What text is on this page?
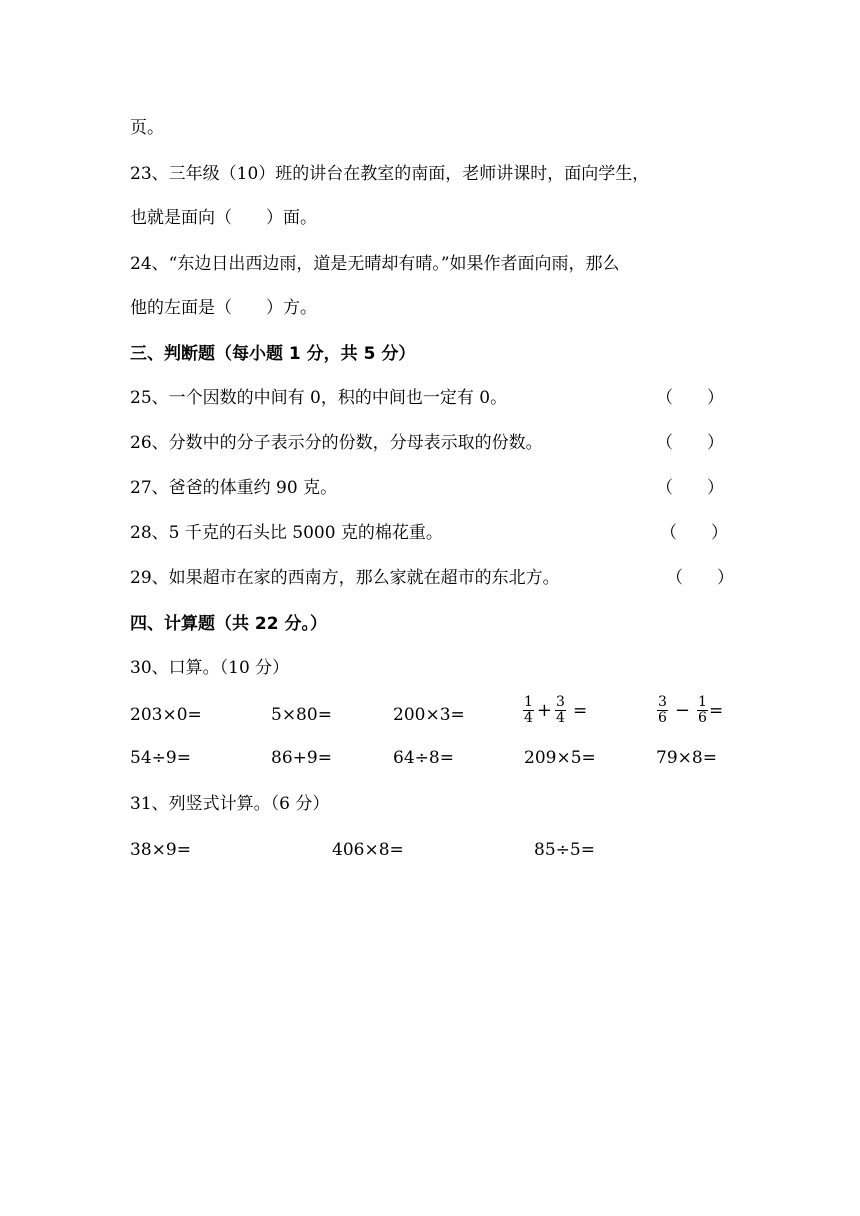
页。
23、三年级（10）班的讲台在教室的南面，老师讲课时，面向学生，
也就是面向（　　）面。
24、“东边日出西边雨，道是无晴却有晴。”如果作者面向雨，那么
他的左面是（　　）方。
三、判断题（每小题 1 分，共 5 分）
25、一个因数的中间有 0，积的中间也一定有 0。	（　　）
26、分数中的分子表示分的份数，分母表示取的份数。	（　　）
27、爸爸的体重约 90 克。	（　　）
28、5 千克的石头比 5000 克的棉花重。	（　　）
29、如果超市在家的西南方，那么家就在超市的东北方。	（　　）
四、计算题（共 22 分。）
30、口算。（10 分）
203×0=	5×80=	200×3=	$\frac{1}{4} + \frac{3}{4}$ =	$\frac{3}{6} - \frac{1}{6}$ =
54÷9=	86+9=	64÷8=	209×5=	79×8=
31、列竖式计算。（6 分）
38×9=	406×8=	85÷5=
